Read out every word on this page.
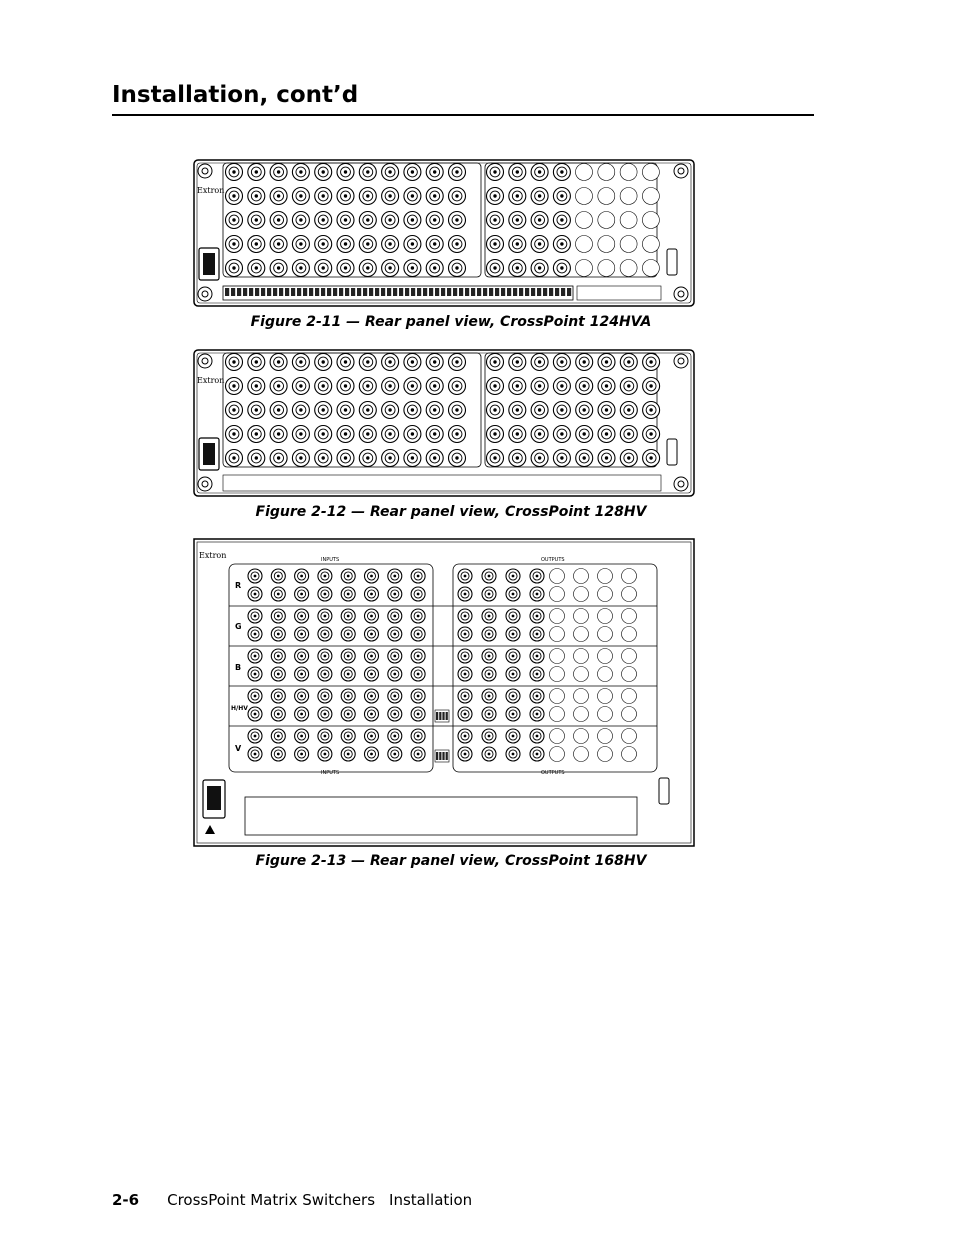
Installation, cont’d
Extron
Figure 2-11 — Rear panel view, CrossPoint 124HVA
Extron
Figure 2-12 — Rear panel view, CrossPoint 128HV
Extron	INPUTS	OUTPUTS
INPUTS	OUTPUTS
R
G
B
H/HV
V
Figure 2-13 — Rear panel view, CrossPoint 168HV
2-6 CrossPoint Matrix Switchers Installation
